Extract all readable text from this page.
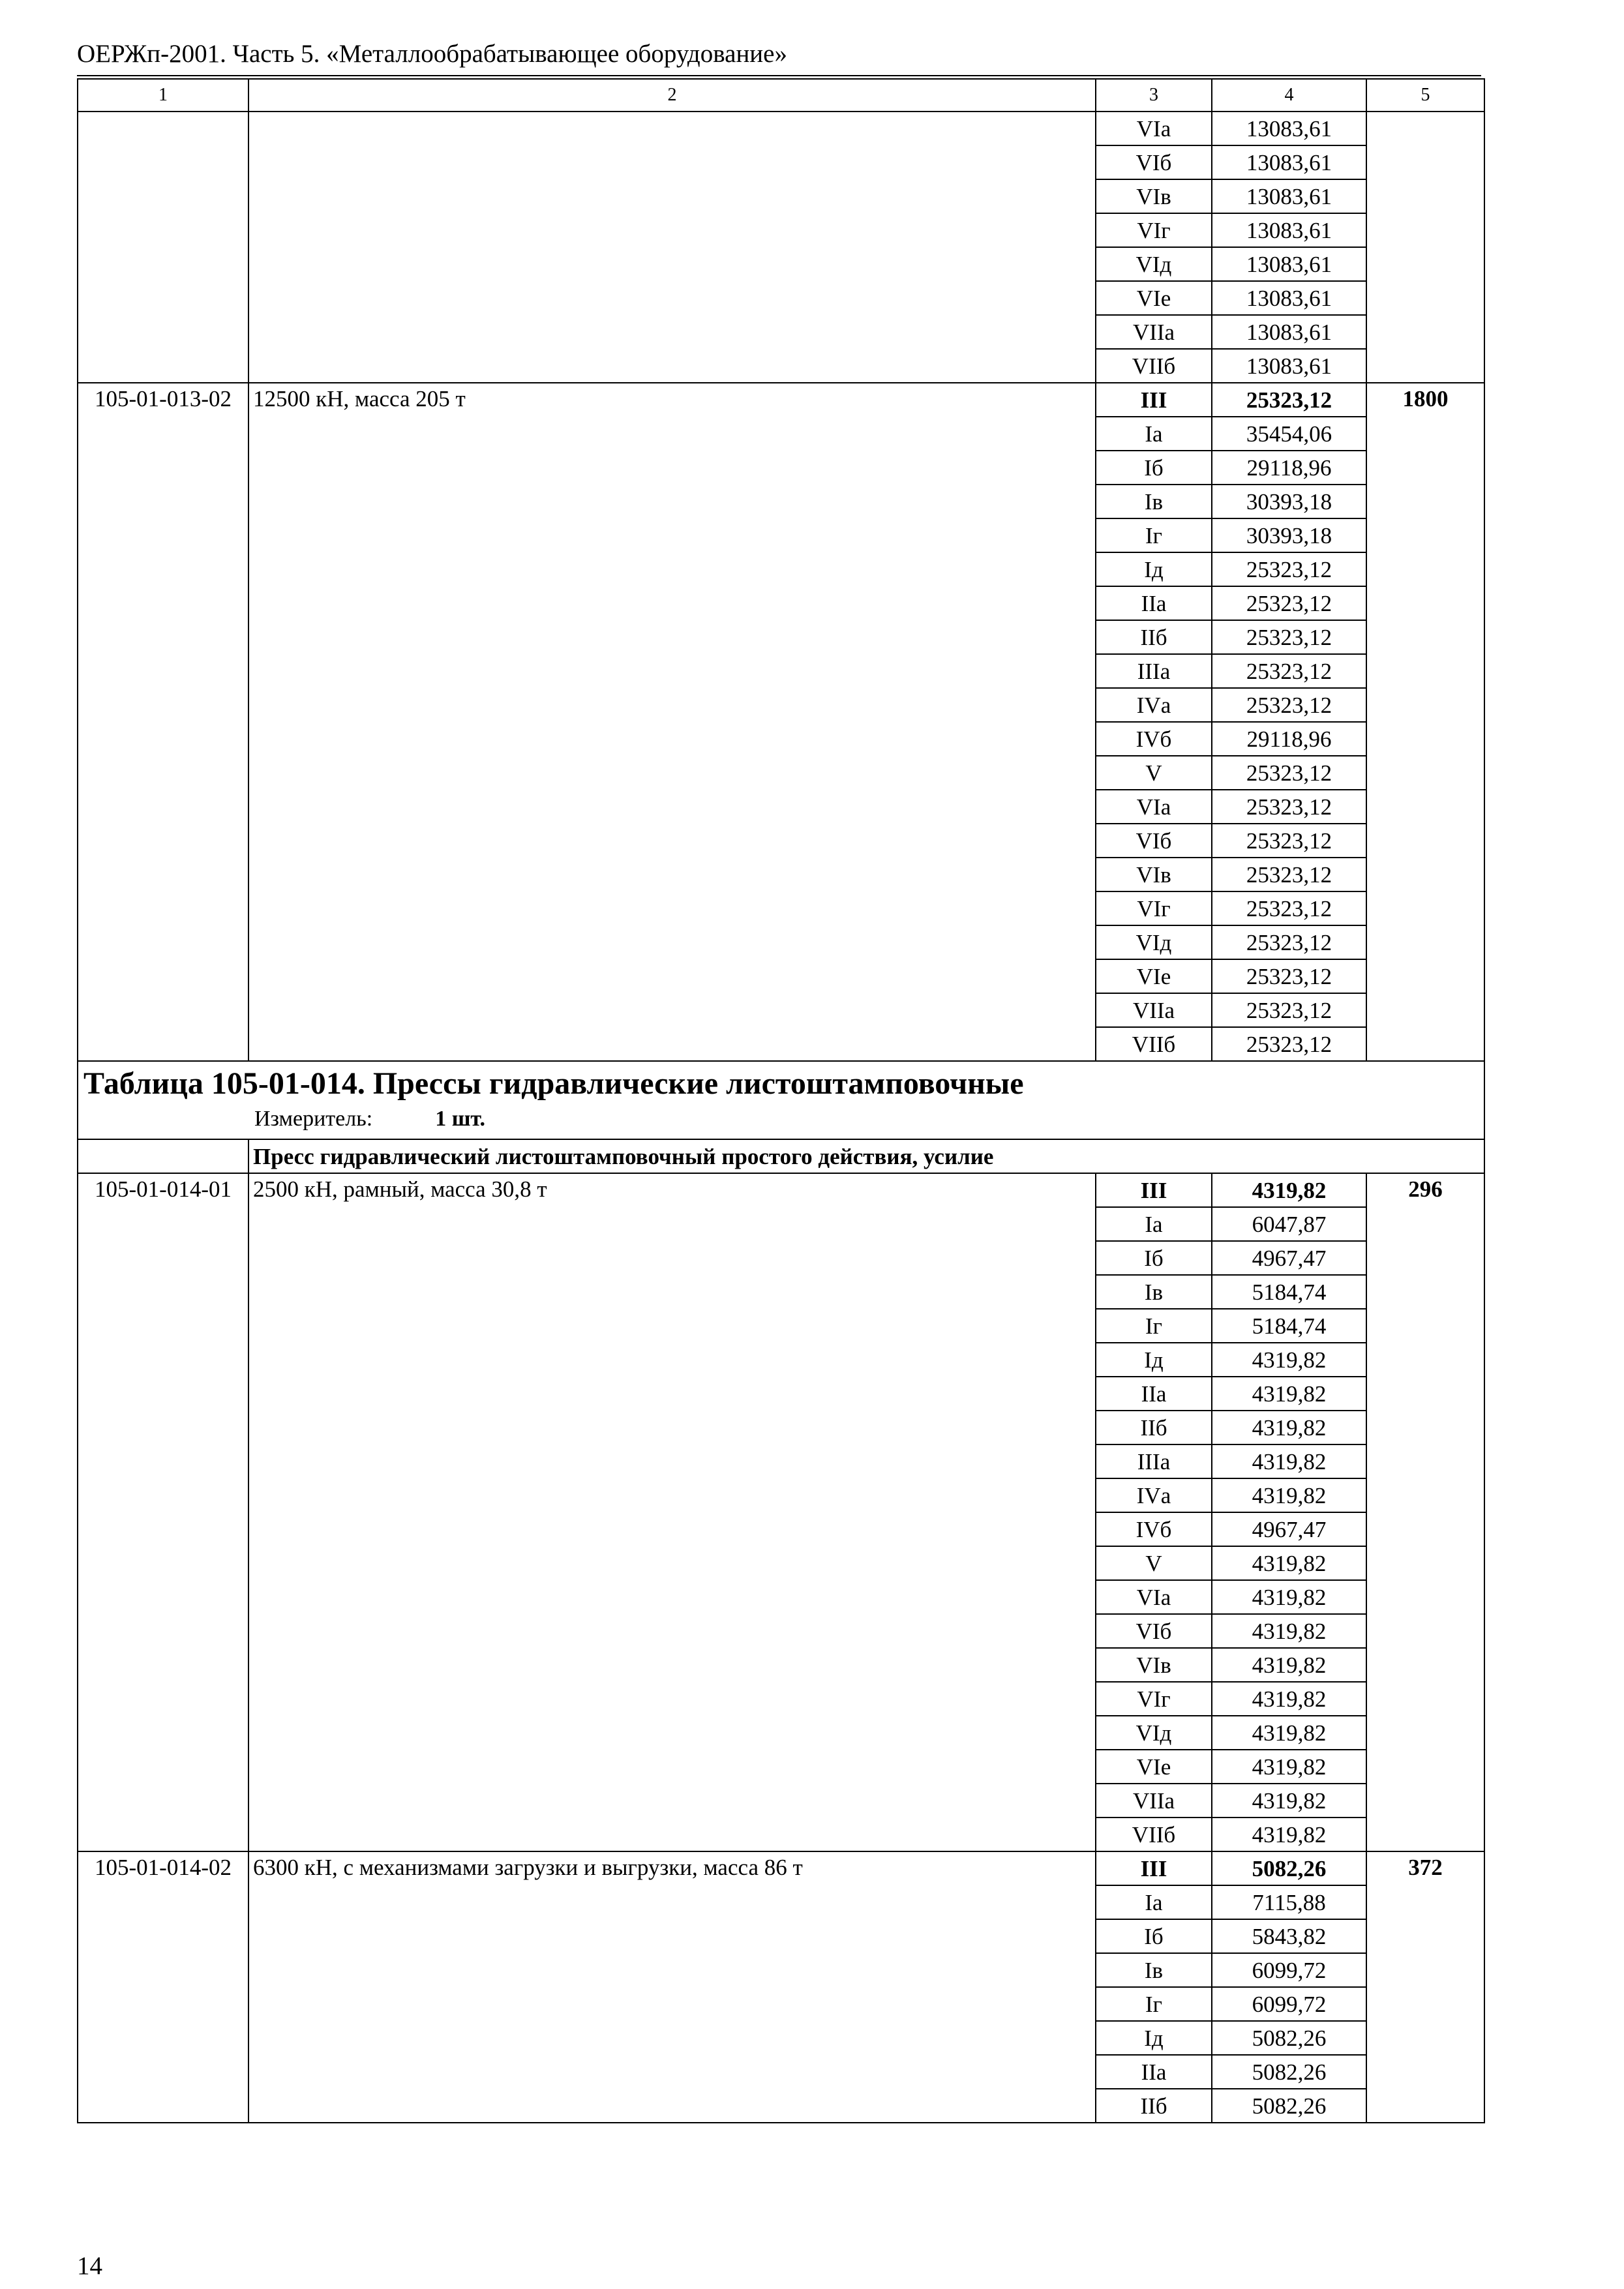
ОЕРЖп-2001. Часть 5. «Металлообрабатывающее оборудование»
1	2	3	4	5
		VIа	13083,61	
		VIб	13083,61	
		VIв	13083,61	
		VIг	13083,61	
		VIд	13083,61	
		VIе	13083,61	
		VIIа	13083,61	
		VIIб	13083,61	
105-01-013-02	12500 кН, масса 205 т	III	25323,12	1800
		Iа	35454,06	
		Iб	29118,96	
		Iв	30393,18	
		Iг	30393,18	
		Iд	25323,12	
		IIа	25323,12	
		IIб	25323,12	
		IIIа	25323,12	
		IVа	25323,12	
		IVб	29118,96	
		V	25323,12	
		VIа	25323,12	
		VIб	25323,12	
		VIв	25323,12	
		VIг	25323,12	
		VIд	25323,12	
		VIе	25323,12	
		VIIа	25323,12	
		VIIб	25323,12	

Таблица 105-01-014. Прессы гидравлические листоштамповочные
Измеритель: 1 шт.				

	Пресс гидравлический листоштамповочный простого действия, усилие			
105-01-014-01	2500 кН, рамный, масса 30,8 т	III	4319,82	296
		Iа	6047,87	
		Iб	4967,47	
		Iв	5184,74	
		Iг	5184,74	
		Iд	4319,82	
		IIа	4319,82	
		IIб	4319,82	
		IIIа	4319,82	
		IVа	4319,82	
		IVб	4967,47	
		V	4319,82	
		VIа	4319,82	
		VIб	4319,82	
		VIв	4319,82	
		VIг	4319,82	
		VIд	4319,82	
		VIе	4319,82	
		VIIа	4319,82	
		VIIб	4319,82	
105-01-014-02	6300 кН, с механизмами загрузки и выгрузки, масса 86 т	III	5082,26	372
		Iа	7115,88	
		Iб	5843,82	
		Iв	6099,72	
		Iг	6099,72	
		Iд	5082,26	
		IIа	5082,26	
		IIб	5082,26	
14
